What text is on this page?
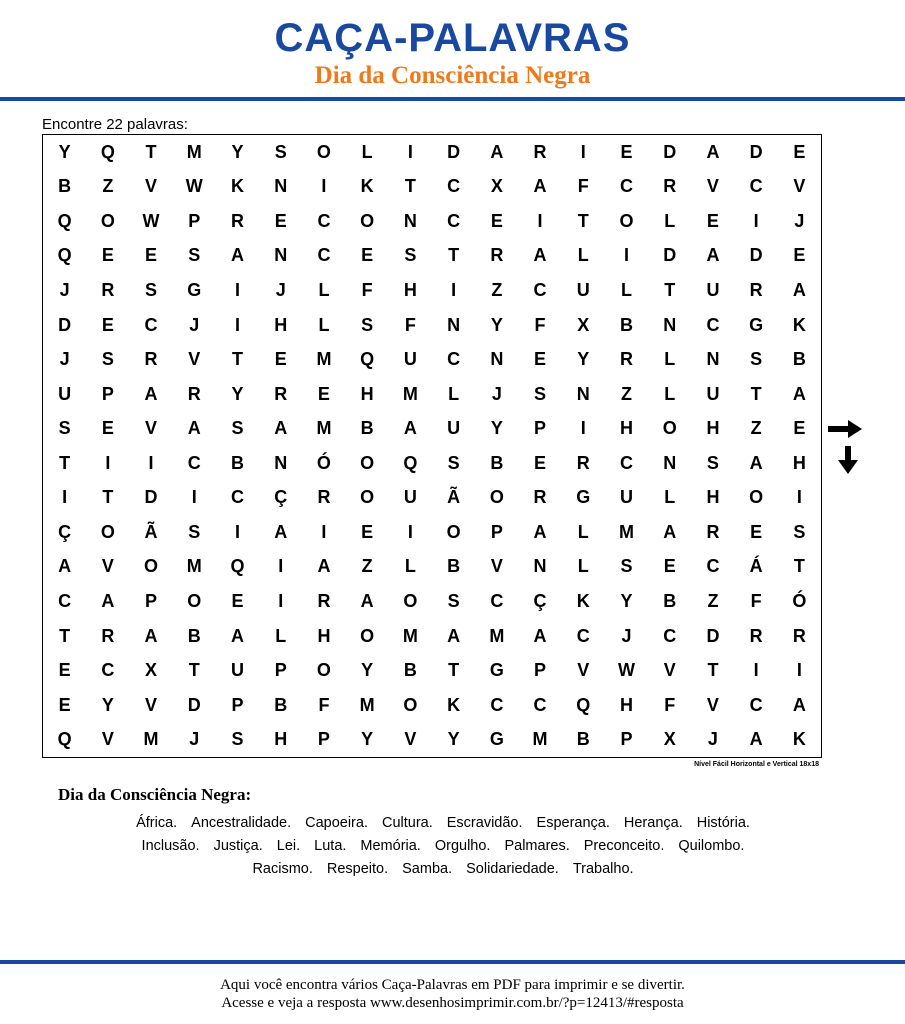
CAÇA-PALAVRAS
Dia da Consciência Negra
Encontre 22 palavras:
Y	Q	T	M	Y	S	O	L	I	D	A	R	I	E	D	A	D	E
B	Z	V	W	K	N	I	K	T	C	X	A	F	C	R	V	C	V
Q	O	W	P	R	E	C	O	N	C	E	I	T	O	L	E	I	J
Q	E	E	S	A	N	C	E	S	T	R	A	L	I	D	A	D	E
J	R	S	G	I	J	L	F	H	I	Z	C	U	L	T	U	R	A
D	E	C	J	I	H	L	S	F	N	Y	F	X	B	N	C	G	K
J	S	R	V	T	E	M	Q	U	C	N	E	Y	R	L	N	S	B
U	P	A	R	Y	R	E	H	M	L	J	S	N	Z	L	U	T	A
S	E	V	A	S	A	M	B	A	U	Y	P	I	H	O	H	Z	E
T	I	I	C	B	N	Ó	O	Q	S	B	E	R	C	N	S	A	H
I	T	D	I	C	Ç	R	O	U	Ã	O	R	G	U	L	H	O	I
Ç	O	Ã	S	I	A	I	E	I	O	P	A	L	M	A	R	E	S
A	V	O	M	Q	I	A	Z	L	B	V	N	L	S	E	C	Á	T
C	A	P	O	E	I	R	A	O	S	C	Ç	K	Y	B	Z	F	Ó
T	R	A	B	A	L	H	O	M	A	M	A	C	J	C	D	R	R
E	C	X	T	U	P	O	Y	B	T	G	P	V	W	V	T	I	I
E	Y	V	D	P	B	F	M	O	K	C	C	Q	H	F	V	C	A
Q	V	M	J	S	H	P	Y	V	Y	G	M	B	P	X	J	A	K
Nível Fácil Horizontal e Vertical 18x18
Dia da Consciência Negra:
África. Ancestralidade. Capoeira. Cultura. Escravidão. Esperança. Herança. História.
Inclusão. Justiça. Lei. Luta. Memória. Orgulho. Palmares. Preconceito. Quilombo.
Racismo. Respeito. Samba. Solidariedade. Trabalho.
Aqui você encontra vários Caça-Palavras em PDF para imprimir e se divertir.
Acesse e veja a resposta www.desenhosimprimir.com.br/?p=12413/#resposta
